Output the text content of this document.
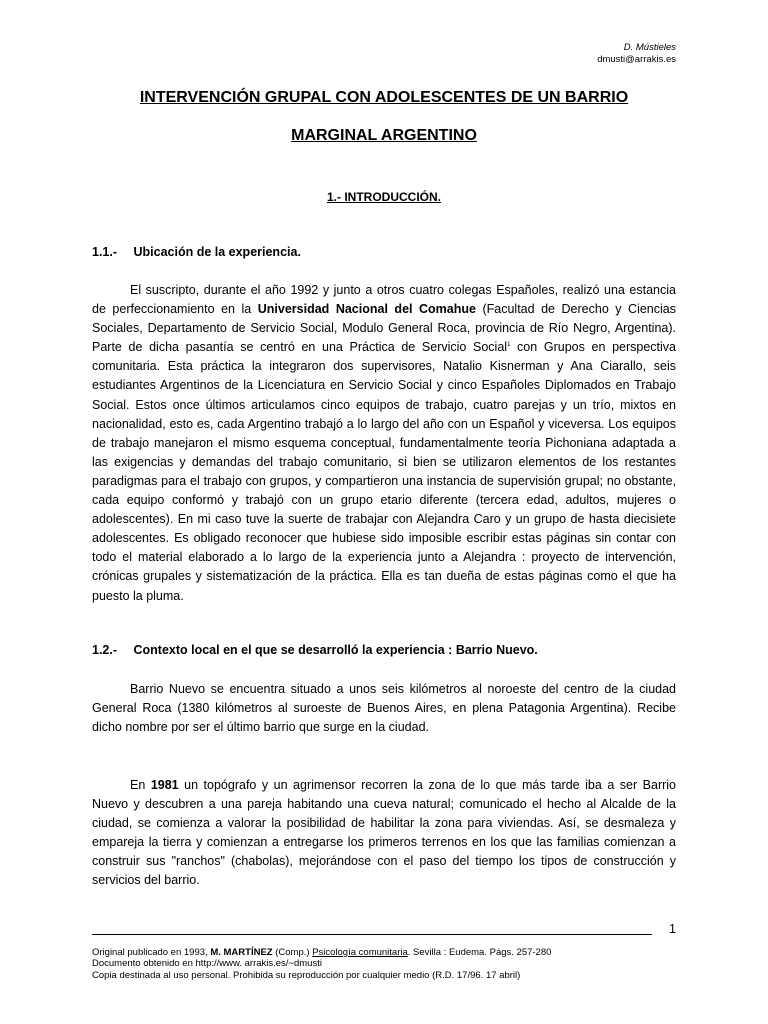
D. Mústieles
dmusti@arrakis.es
INTERVENCIÓN GRUPAL CON ADOLESCENTES DE UN BARRIO
MARGINAL ARGENTINO
1.- INTRODUCCIÓN.
1.1.- Ubicación de la experiencia.

El suscripto, durante el año 1992 y junto a otros cuatro colegas Españoles, realizó una estancia de perfeccionamiento en la Universidad Nacional del Comahue (Facultad de Derecho y Ciencias Sociales, Departamento de Servicio Social, Modulo General Roca, provincia de Río Negro, Argentina). Parte de dicha pasantía se centró en una Práctica de Servicio Social$^1$ con Grupos en perspectiva comunitaria. Esta práctica la integraron dos supervisores, Natalio Kisnerman y Ana Ciarallo, seis estudiantes Argentinos de la Licenciatura en Servicio Social y cinco Españoles Diplomados en Trabajo Social. Estos once últimos articulamos cinco equipos de trabajo, cuatro parejas y un trío, mixtos en nacionalidad, esto es, cada Argentino trabajó a lo largo del año con un Español y viceversa. Los equipos de trabajo manejaron el mismo esquema conceptual, fundamentalmente teoría Pichoniana adaptada a las exigencias y demandas del trabajo comunitario, si bien se utilizaron elementos de los restantes paradigmas para el trabajo con grupos, y compartieron una instancia de supervisión grupal; no obstante, cada equipo conformó y trabajó con un grupo etario diferente (tercera edad, adultos, mujeres o adolescentes). En mi caso tuve la suerte de trabajar con Alejandra Caro y un grupo de hasta diecisiete adolescentes. Es obligado reconocer que hubiese sido imposible escribir estas páginas sin contar con todo el material elaborado a lo largo de la experiencia junto a Alejandra : proyecto de intervención, crónicas grupales y sistematización de la práctica. Ella es tan dueña de estas páginas como el que ha puesto la pluma.

1.2.- Contexto local en el que se desarrolló la experiencia : Barrio Nuevo.

Barrio Nuevo se encuentra situado a unos seis kilómetros al noroeste del centro de la ciudad General Roca (1380 kilómetros al suroeste de Buenos Aires, en plena Patagonia Argentina). Recibe dicho nombre por ser el último barrio que surge en la ciudad.

En 1981 un topógrafo y un agrimensor recorren la zona de lo que más tarde iba a ser Barrio Nuevo y descubren a una pareja habitando una cueva natural; comunicado el hecho al Alcalde de la ciudad, se comienza a valorar la posibilidad de habilitar la zona para viviendas. Así, se desmaleza y empareja la tierra y comienzan a entregarse los primeros terrenos en los que las familias comienzan a construir sus "ranchos" (chabolas), mejorándose con el paso del tiempo los tipos de construcción y servicios del barrio.

1
Original publicado en 1993, M. MARTÍNEZ (Comp.) Psicología comunitaria. Sevilla : Eudema. Págs. 257-280
Documento obtenido en http://www. arrakis.es/~dmusti
Copia destinada al uso personal. Prohibida su reproducción por cualquier medio (R.D. 17/96. 17 abril)
